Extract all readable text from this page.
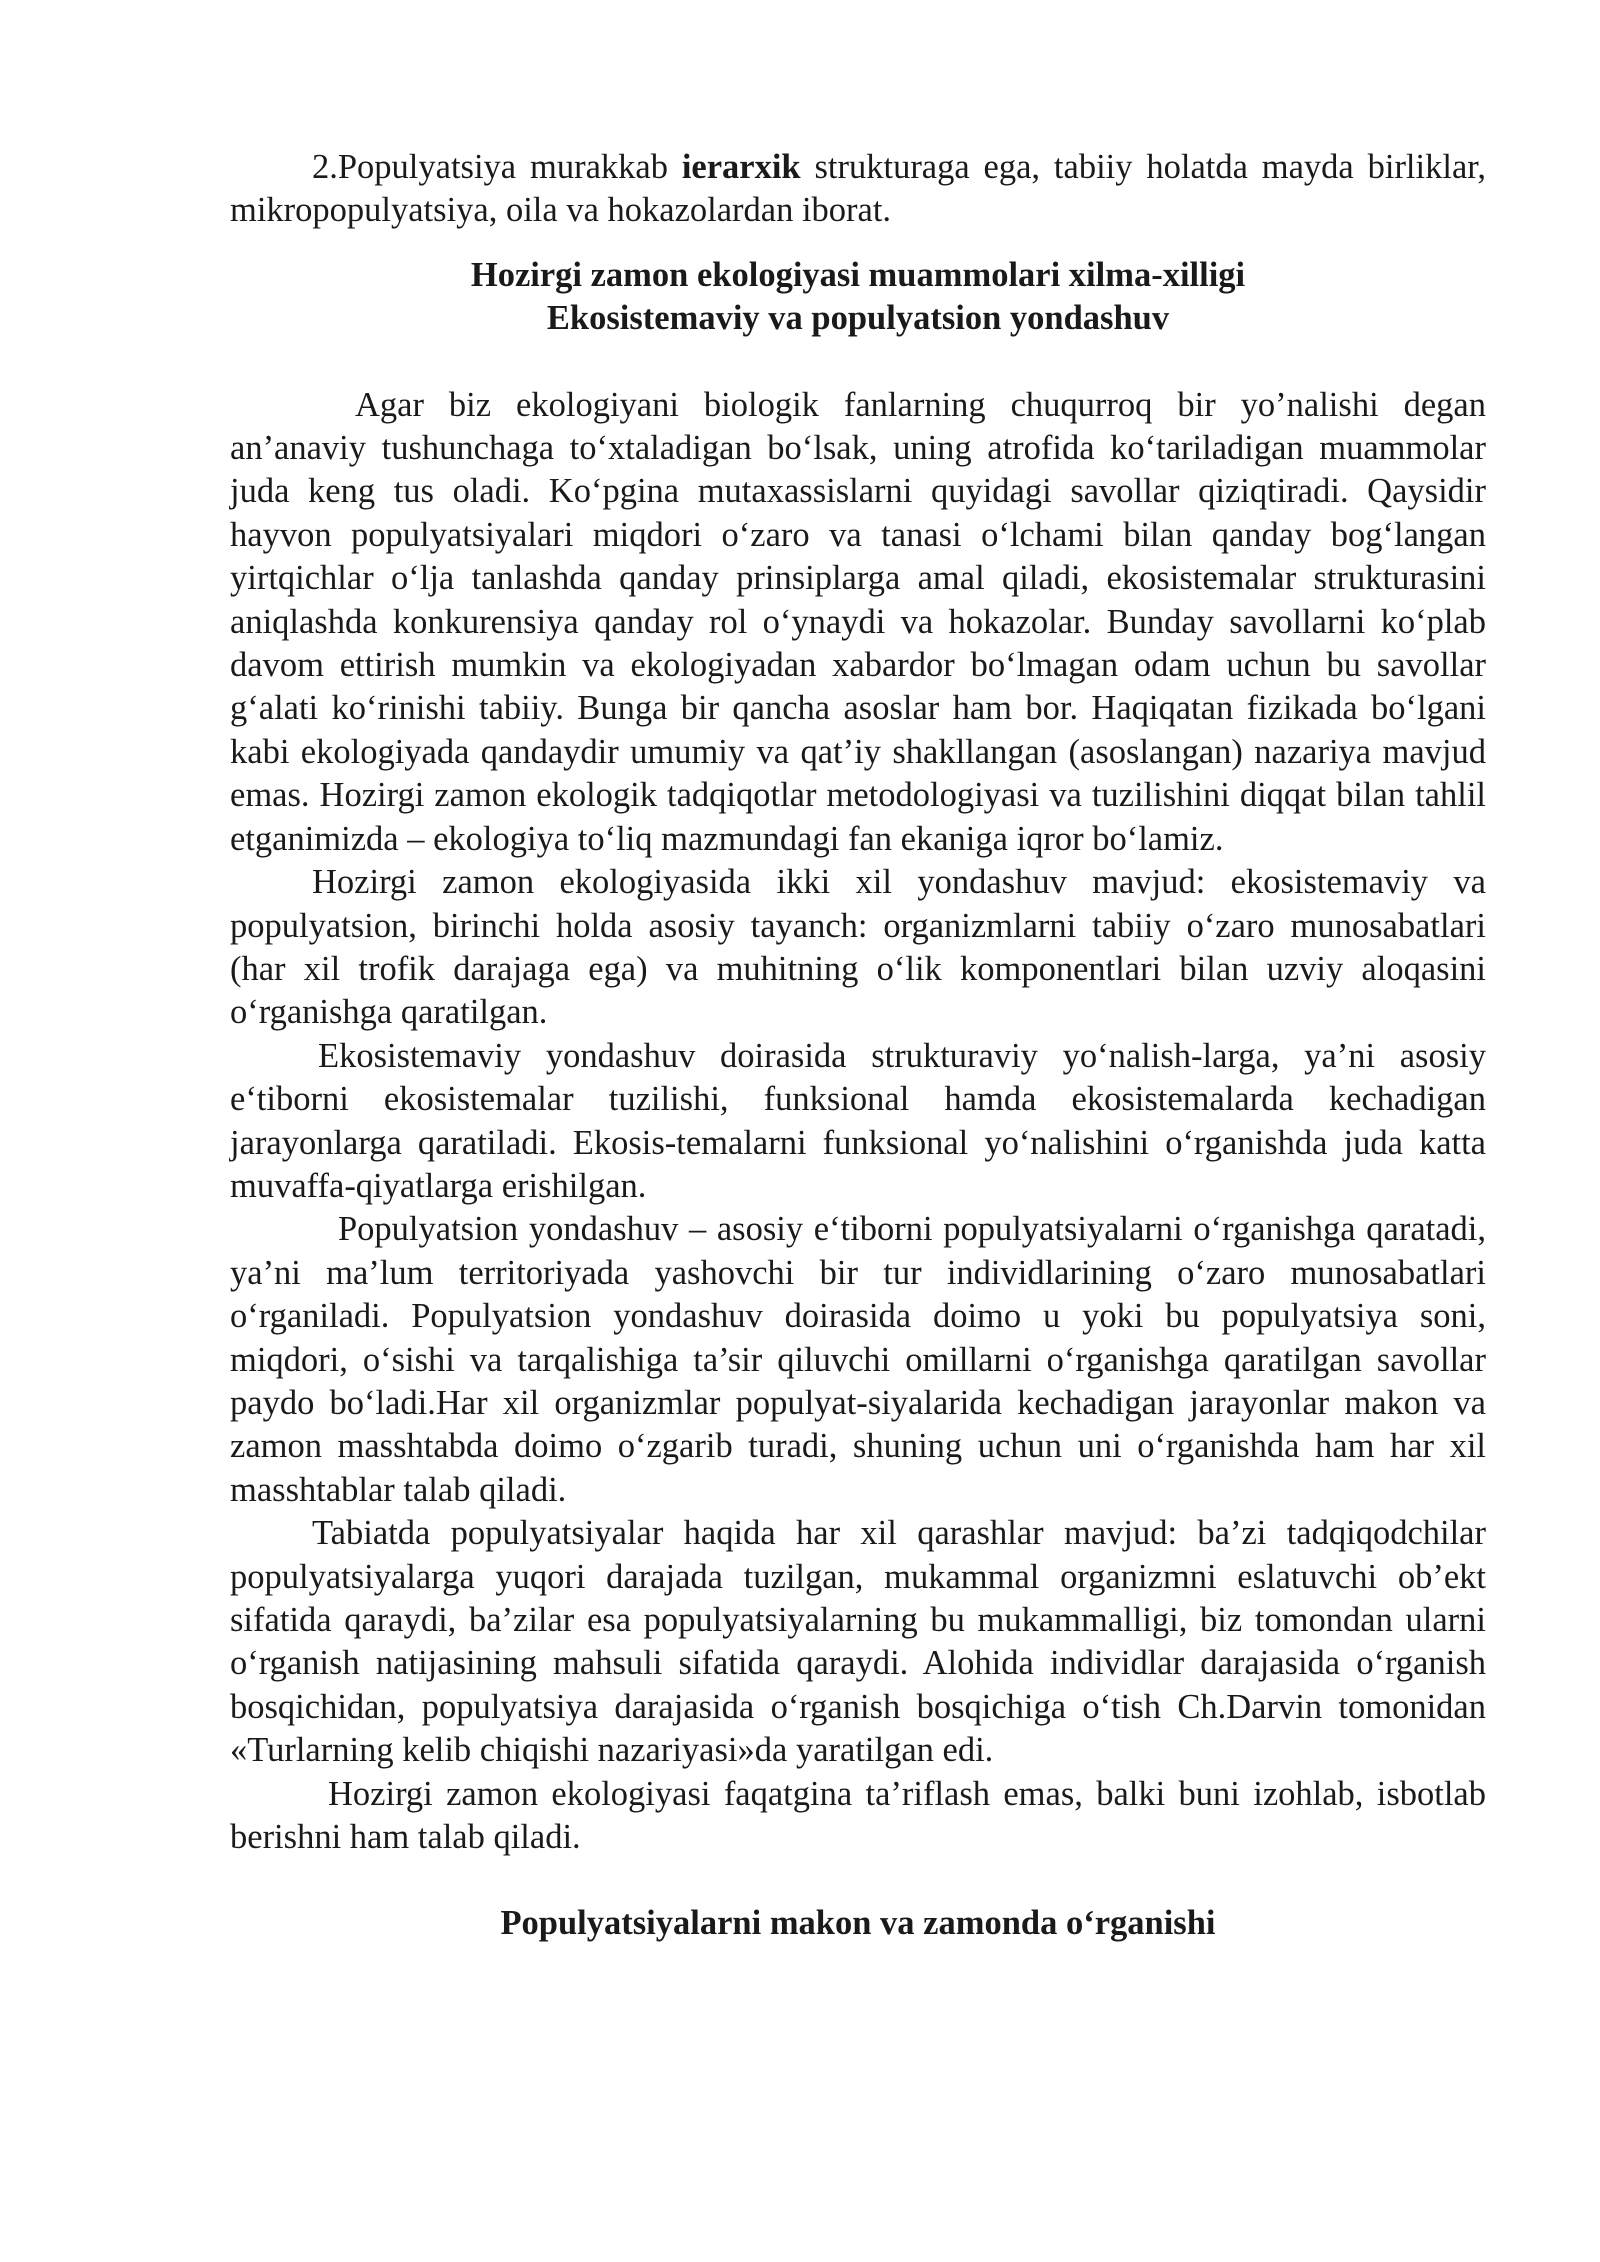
2.Populyatsiya murakkab ierarxik strukturaga ega, tabiiy holatda mayda birliklar, mikropopulyatsiya, oila va hokazolardan iborat.

Hozirgi zamon ekologiyasi muammolari xilma-xilligi

Ekosistemaviy va populyatsion yondashuv

Agar biz ekologiyani biologik fanlarning chuqurroq bir yo’nalishi degan an’anaviy tushunchaga to‘xtaladigan bo‘lsak, uning atrofida ko‘tariladigan muammolar juda keng tus oladi. Ko‘pgina mutaxassislarni quyidagi savollar qiziqtiradi. Qaysidir hayvon populyatsiyalari miqdori o‘zaro va tanasi o‘lchami bilan qanday bog‘langan yirtqichlar o‘lja tanlashda qanday prinsiplarga amal qiladi, ekosistemalar strukturasini aniqlashda konkurensiya qanday rol o‘ynaydi va hokazolar. Bunday savollarni ko‘plab davom ettirish mumkin va ekologiyadan xabardor bo‘lmagan odam uchun bu savollar g‘alati ko‘rinishi tabiiy. Bunga bir qancha asoslar ham bor. Haqiqatan fizikada bo‘lgani kabi ekologiyada qandaydir umumiy va qat’iy shakllangan (asoslangan) nazariya mavjud emas. Hozirgi zamon ekologik tadqiqotlar metodologiyasi va tuzilishini diqqat bilan tahlil etganimizda – ekologiya to‘liq mazmundagi fan ekaniga iqror bo‘lamiz.

Hozirgi zamon ekologiyasida ikki xil yondashuv mavjud: ekosistemaviy va populyatsion, birinchi holda asosiy tayanch: organizmlarni tabiiy o‘zaro munosabatlari (har xil trofik darajaga ega) va muhitning o‘lik komponentlari bilan uzviy aloqasini o‘rganishga qaratilgan.

Ekosistemaviy yondashuv doirasida strukturaviy yo‘nalish-larga, ya’ni asosiy e‘tiborni ekosistemalar tuzilishi, funksional hamda ekosistemalarda kechadigan jarayonlarga qaratiladi. Ekosis-temalarni funksional yo‘nalishini o‘rganishda juda katta muvaffa-qiyatlarga erishilgan.

Populyatsion yondashuv – asosiy e‘tiborni populyatsiyalarni o‘rganishga qaratadi, ya’ni ma’lum territoriyada yashovchi bir tur individlarining o‘zaro munosabatlari o‘rganiladi. Populyatsion yondashuv doirasida doimo u yoki bu populyatsiya soni, miqdori, o‘sishi va tarqalishiga ta’sir qiluvchi omillarni o‘rganishga qaratilgan savollar paydo bo‘ladi.Har xil organizmlar populyat-siyalarida kechadigan jarayonlar makon va zamon masshtabda doimo o‘zgarib turadi, shuning uchun uni o‘rganishda ham har xil masshtablar talab qiladi.

Tabiatda populyatsiyalar haqida har xil qarashlar mavjud: ba’zi tadqiqodchilar populyatsiyalarga yuqori darajada tuzilgan, mukammal organizmni eslatuvchi ob’ekt sifatida qaraydi, ba’zilar esa populyatsiyalarning bu mukammalligi, biz tomondan ularni o‘rganish natijasining mahsuli sifatida qaraydi. Alohida individlar darajasida o‘rganish bosqichidan, populyatsiya darajasida o‘rganish bosqichiga o‘tish Ch.Darvin tomonidan «Turlarning kelib chiqishi nazariyasi»da yaratilgan edi.

Hozirgi zamon ekologiyasi faqatgina ta’riflash emas, balki buni izohlab, isbotlab berishni ham talab qiladi.

Populyatsiyalarni makon va zamonda o‘rganishi
